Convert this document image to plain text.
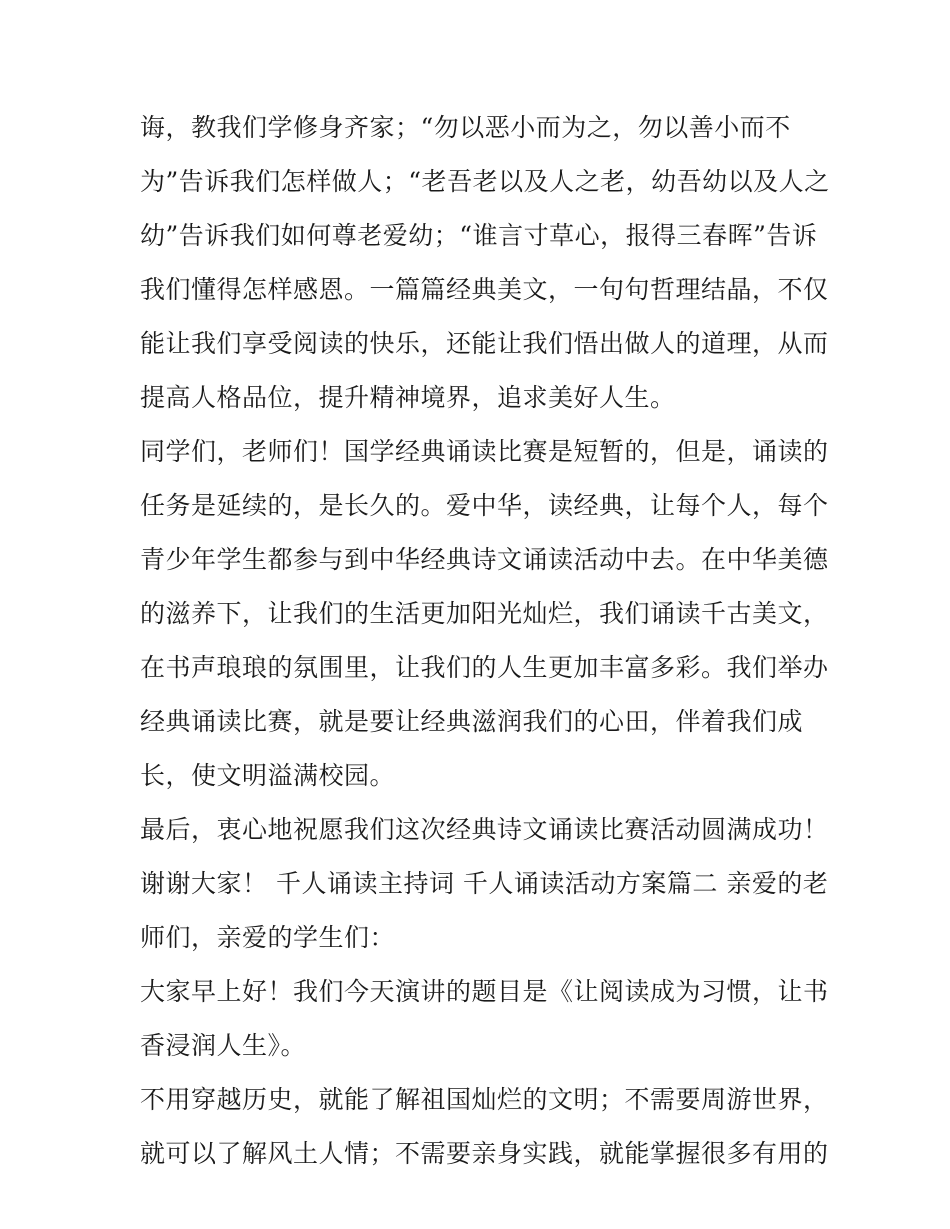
诲，教我们学修身齐家；“勿以恶小而为之，勿以善小而不
为”告诉我们怎样做人；“老吾老以及人之老，幼吾幼以及人之
幼”告诉我们如何尊老爱幼；“谁言寸草心，报得三春晖”告诉
我们懂得怎样感恩。一篇篇经典美文，一句句哲理结晶，不仅
能让我们享受阅读的快乐，还能让我们悟出做人的道理，从而
提高人格品位，提升精神境界，追求美好人生。
同学们，老师们！国学经典诵读比赛是短暂的，但是，诵读的
任务是延续的，是长久的。爱中华，读经典，让每个人，每个
青少年学生都参与到中华经典诗文诵读活动中去。在中华美德
的滋养下，让我们的生活更加阳光灿烂，我们诵读千古美文，
在书声琅琅的氛围里，让我们的人生更加丰富多彩。我们举办
经典诵读比赛，就是要让经典滋润我们的心田，伴着我们成
长，使文明溢满校园。
最后，衷心地祝愿我们这次经典诗文诵读比赛活动圆满成功！
谢谢大家！ 千人诵读主持词 千人诵读活动方案篇二 亲爱的老
师们，亲爱的学生们：
大家早上好！我们今天演讲的题目是《让阅读成为习惯，让书
香浸润人生》。
不用穿越历史，就能了解祖国灿烂的文明；不需要周游世界，
就可以了解风土人情；不需要亲身实践，就能掌握很多有用的
